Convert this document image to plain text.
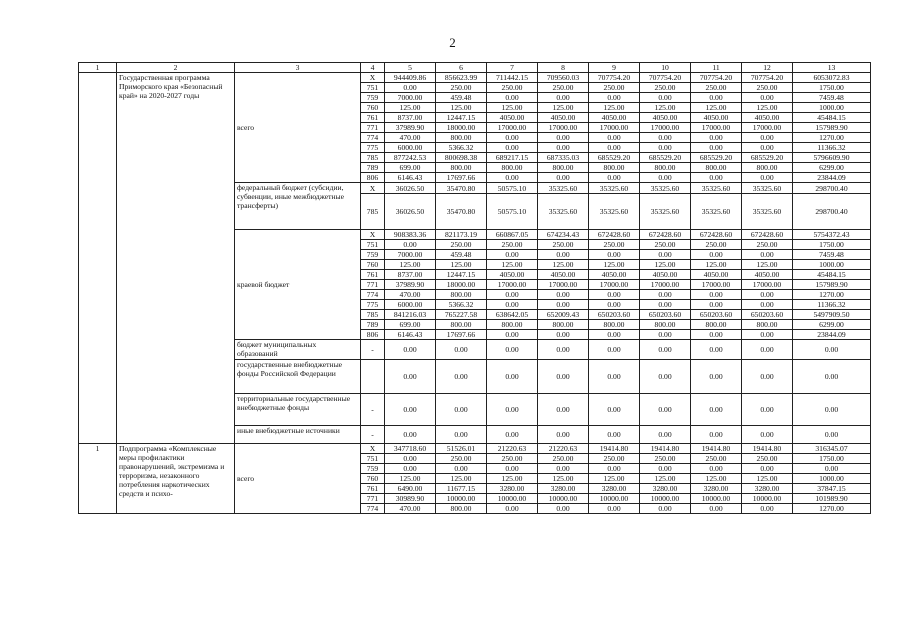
2
1	2	3	4	5	6	7	8	9	10	11	12	13
	Государственная программа Приморского края «Безопасный край» на 2020-2027 годы	всего	X	944409.86	856623.99	711442.15	709560.03	707754.20	707754.20	707754.20	707754.20	6053072.83
			751	0.00	250.00	250.00	250.00	250.00	250.00	250.00	250.00	1750.00
			759	7000.00	459.48	0.00	0.00	0.00	0.00	0.00	0.00	7459.48
			760	125.00	125.00	125.00	125.00	125.00	125.00	125.00	125.00	1000.00
			761	8737.00	12447.15	4050.00	4050.00	4050.00	4050.00	4050.00	4050.00	45484.15
			771	37989.90	18000.00	17000.00	17000.00	17000.00	17000.00	17000.00	17000.00	157989.90
			774	470.00	800.00	0.00	0.00	0.00	0.00	0.00	0.00	1270.00
			775	6000.00	5366.32	0.00	0.00	0.00	0.00	0.00	0.00	11366.32
			785	877242.53	800698.38	689217.15	687335.03	685529.20	685529.20	685529.20	685529.20	5796609.90
			789	699.00	800.00	800.00	800.00	800.00	800.00	800.00	800.00	6299.00
			806	6146.43	17697.66	0.00	0.00	0.00	0.00	0.00	0.00	23844.09
		федеральный бюджет (субсидии, субвенции, иные межбюджетные трансферты)	X	36026.50	35470.80	50575.10	35325.60	35325.60	35325.60	35325.60	35325.60	298700.40
			785	36026.50	35470.80	50575.10	35325.60	35325.60	35325.60	35325.60	35325.60	298700.40
		краевой бюджет	X	908383.36	821173.19	660867.05	674234.43	672428.60	672428.60	672428.60	672428.60	5754372.43
			751	0.00	250.00	250.00	250.00	250.00	250.00	250.00	250.00	1750.00
			759	7000.00	459.48	0.00	0.00	0.00	0.00	0.00	0.00	7459.48
			760	125.00	125.00	125.00	125.00	125.00	125.00	125.00	125.00	1000.00
			761	8737.00	12447.15	4050.00	4050.00	4050.00	4050.00	4050.00	4050.00	45484.15
			771	37989.90	18000.00	17000.00	17000.00	17000.00	17000.00	17000.00	17000.00	157989.90
			774	470.00	800.00	0.00	0.00	0.00	0.00	0.00	0.00	1270.00
			775	6000.00	5366.32	0.00	0.00	0.00	0.00	0.00	0.00	11366.32
			785	841216.03	765227.58	638642.05	652009.43	650203.60	650203.60	650203.60	650203.60	5497909.50
			789	699.00	800.00	800.00	800.00	800.00	800.00	800.00	800.00	6299.00
			806	6146.43	17697.66	0.00	0.00	0.00	0.00	0.00	0.00	23844.09
		бюджет муниципальных образований	-	0.00	0.00	0.00	0.00	0.00	0.00	0.00	0.00	0.00
		государственные внебюджетные фонды Российской Федерации		0.00	0.00	0.00	0.00	0.00	0.00	0.00	0.00	0.00
		территориальные государственные внебюджетные фонды	-	0.00	0.00	0.00	0.00	0.00	0.00	0.00	0.00	0.00
		иные внебюджетные источники	-	0.00	0.00	0.00	0.00	0.00	0.00	0.00	0.00	0.00
1	Подпрограмма «Комплексные меры профилактики правонарушений, экстремизма и терроризма, незаконного потребления наркотических средств и психо-	всего	X	347718.60	51526.01	21220.63	21220.63	19414.80	19414.80	19414.80	19414.80	316345.07
			751	0.00	250.00	250.00	250.00	250.00	250.00	250.00	250.00	1750.00
			759	0.00	0.00	0.00	0.00	0.00	0.00	0.00	0.00	0.00
			760	125.00	125.00	125.00	125.00	125.00	125.00	125.00	125.00	1000.00
			761	6490.00	11677.15	3280.00	3280.00	3280.00	3280.00	3280.00	3280.00	37847.15
			771	30989.90	10000.00	10000.00	10000.00	10000.00	10000.00	10000.00	10000.00	101989.90
			774	470.00	800.00	0.00	0.00	0.00	0.00	0.00	0.00	1270.00
